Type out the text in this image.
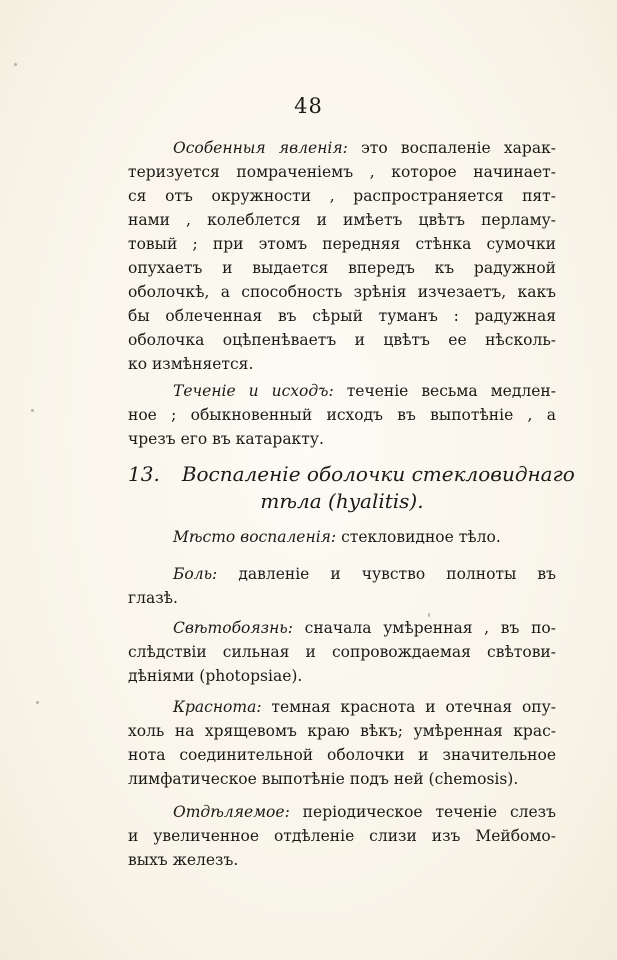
48
Особенныя явленія: это воспаленіе харак-
теризуется помраченіемъ , которое начинает-
ся отъ окружности , распространяется пят-
нами , колеблется и имѣетъ цвѣтъ перламу-
товый ; при этомъ передняя стѣнка сумочки
опухаетъ и выдается впередъ къ радужной
оболочкѣ, а способность зрѣнія изчезаетъ, какъ
бы облеченная въ сѣрый туманъ : радужная
оболочка оцѣпенѣваетъ и цвѣтъ ее нѣсколь-
ко измѣняется.
Теченіе и исходъ: теченіе весьма медлен-
ное ; обыкновенный исходъ въ выпотѣніе , а
чрезъ его въ катаракту.
13. Воспаленіе оболочки стекловиднаго
тѣла (hyalitis).
Мѣсто воспаленія: стекловидное тѣло.
Боль: давленіе и чувство полноты въ
глазѣ.
Свѣтобоязнь: сначала умѣренная , въ по-
слѣдствіи сильная и сопровождаемая свѣтови-
дѣніями (photopsiae).
Краснота: темная краснота и отечная опу-
холь на хрящевомъ краю вѣкъ; умѣренная крас-
нота соединительной оболочки и значительное
лимфатическое выпотѣніе подъ ней (chemosis).
Отдѣляемое: періодическое теченіе слезъ
и увеличенное отдѣленіе слизи изъ Мейбомо-
выхъ железъ.
